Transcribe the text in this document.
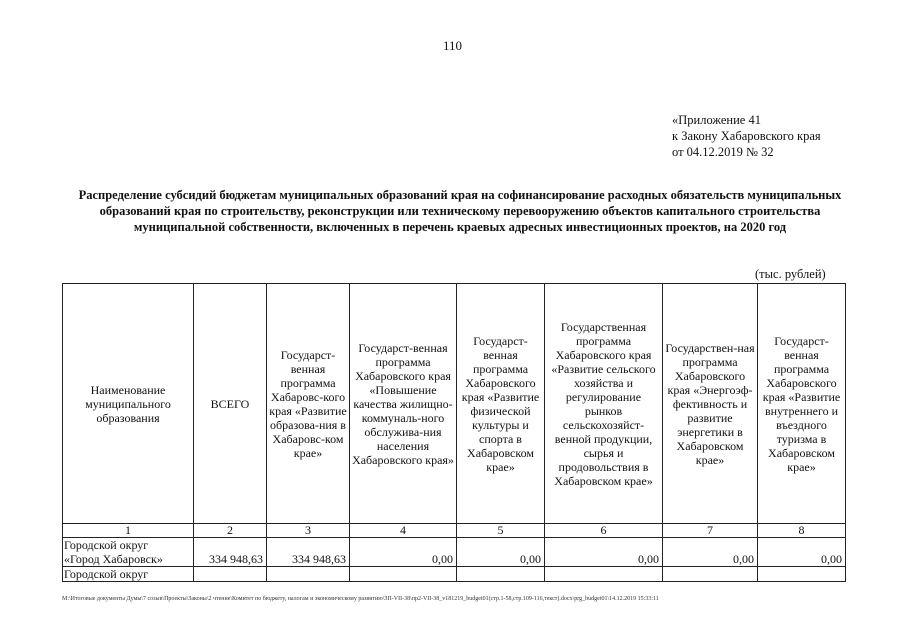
110
«Приложение 41
к Закону Хабаровского края
от 04.12.2019 № 32
Распределение субсидий бюджетам муниципальных образований края на софинансирование расходных обязательств муниципальных образований края по строительству, реконструкции или техническому перевооружению объектов капитального строительства муниципальной собственности, включенных в перечень краевых адресных инвестиционных проектов, на 2020 год
(тыс. рублей)
Наименование муниципального образования	ВСЕГО	Государст-венная программа Хабаровс-кого края «Развитие образова-ния в Хабаровс-ком крае»	Государст-венная программа Хабаровского края «Повышение качества жилищно-коммуналь-ного обслужива-ния населения Хабаровского края»	Государст-венная программа Хабаровского края «Развитие физической культуры и спорта в Хабаровском крае»	Государственная программа Хабаровского края «Развитие сельского хозяйства и регулирование рынков сельскохозяйст-венной продукции, сырья и продовольствия в Хабаровском крае»	Государствен-ная программа Хабаровского края «Энергоэф-фективность и развитие энергетики в Хабаровском крае»	Государст-венная программа Хабаровского края «Развитие внутреннего и въездного туризма в Хабаровском крае»
1	2	3	4	5	6	7	8

Городской округ
«Город Хабаровск»	334 948,63	334 948,63	0,00	0,00	0,00	0,00	0,00
Городской округ							
M:\Итоговые документы Думы\7 созыв\Проекты\Законы\2 чтение\Комитет по бюджету, налогам и экономическому развитию\ЗП-VII-38\пр2-VII-38_v181219_budget01(стр.1-58,стр.109-116,текст).docx\prg_budget01\14.12.2019 15:33:11
